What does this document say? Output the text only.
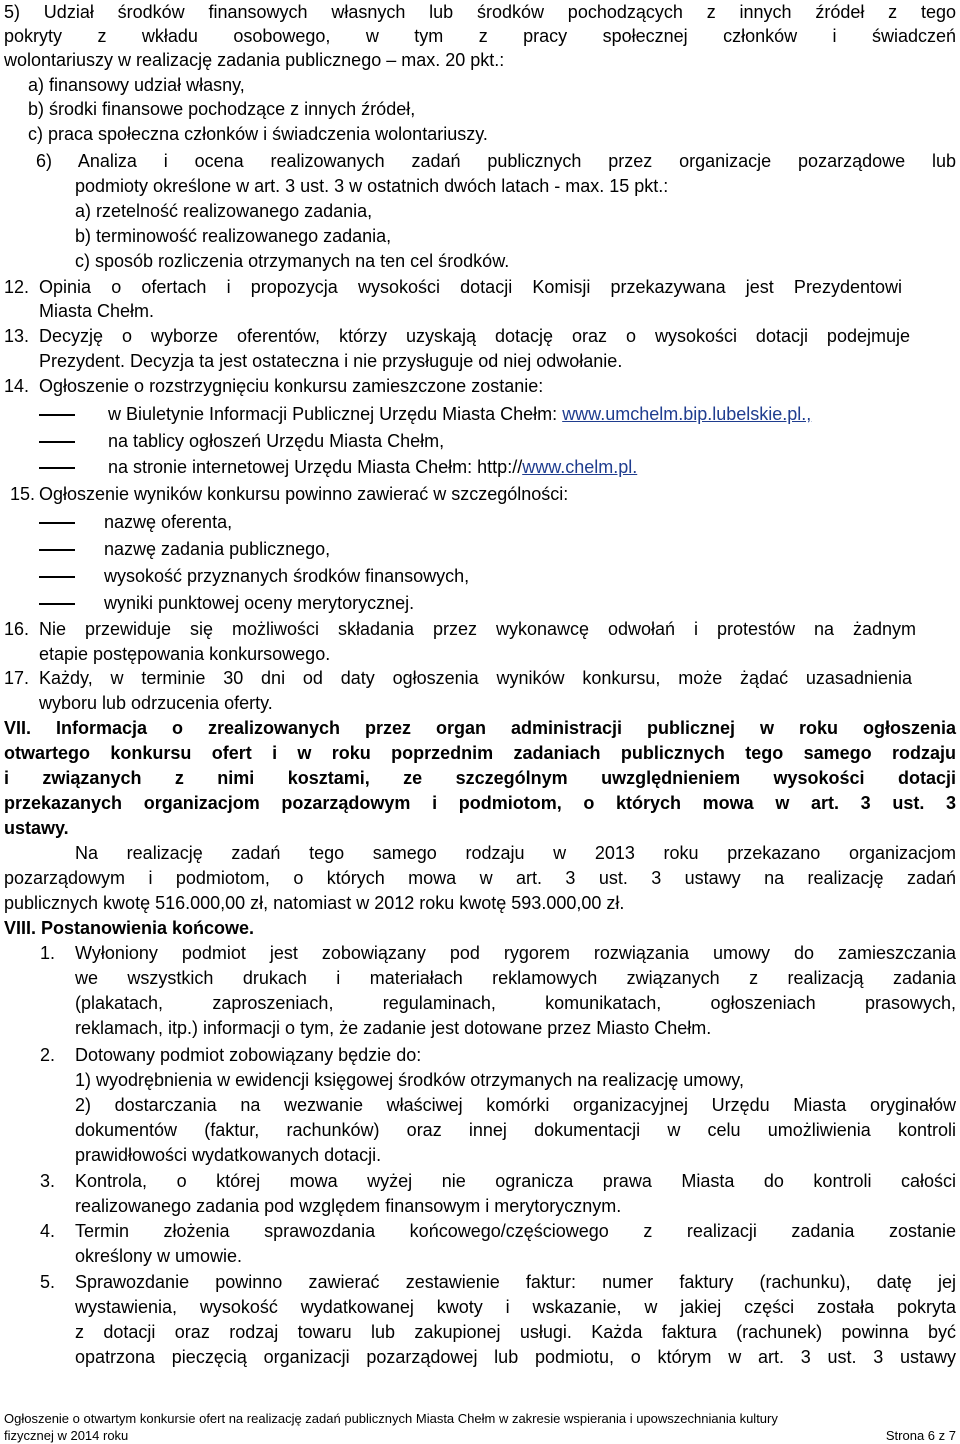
5) Udział środków finansowych własnych lub środków pochodzących z innych źródeł z tego
pokryty z wkładu osobowego, w tym z pracy społecznej członków i świadczeń
wolontariuszy w realizację zadania publicznego – max. 20 pkt.:
a) finansowy udział własny,
b) środki finansowe pochodzące z innych źródeł,
c) praca społeczna członków i świadczenia wolontariuszy.
6) Analiza i ocena realizowanych zadań publicznych przez organizacje pozarządowe lub
podmioty określone w art. 3 ust. 3 w ostatnich dwóch latach - max. 15 pkt.:
a) rzetelność realizowanego zadania,
b) terminowość realizowanego zadania,
c) sposób rozliczenia otrzymanych na ten cel środków.
12. Opinia o ofertach i propozycja wysokości dotacji Komisji przekazywana jest Prezydentowi
Miasta Chełm.
13. Decyzję o wyborze oferentów, którzy uzyskają dotację oraz o wysokości dotacji podejmuje
Prezydent. Decyzja ta jest ostateczna i nie przysługuje od niej odwołanie.
14. Ogłoszenie o rozstrzygnięciu konkursu zamieszczone zostanie:
w Biuletynie Informacji Publicznej Urzędu Miasta Chełm: www.umchelm.bip.lubelskie.pl.,
na tablicy ogłoszeń Urzędu Miasta Chełm,
na stronie internetowej Urzędu Miasta Chełm: http://www.chelm.pl.
15. Ogłoszenie wyników konkursu powinno zawierać w szczególności:
nazwę oferenta,
nazwę zadania publicznego,
wysokość przyznanych środków finansowych,
wyniki punktowej oceny merytorycznej.
16. Nie przewiduje się możliwości składania przez wykonawcę odwołań i protestów na żadnym
etapie postępowania konkursowego.
17. Każdy, w terminie 30 dni od daty ogłoszenia wyników konkursu, może żądać uzasadnienia
wyboru lub odrzucenia oferty.
VII. Informacja o zrealizowanych przez organ administracji publicznej w roku ogłoszenia
otwartego konkursu ofert i w roku poprzednim zadaniach publicznych tego samego rodzaju
i związanych z nimi kosztami, ze szczególnym uwzględnieniem wysokości dotacji
przekazanych organizacjom pozarządowym i podmiotom, o których mowa w art. 3 ust. 3
ustawy.
Na realizację zadań tego samego rodzaju w 2013 roku przekazano organizacjom
pozarządowym i podmiotom, o których mowa w art. 3 ust. 3 ustawy na realizację zadań
publicznych kwotę 516.000,00 zł, natomiast w 2012 roku kwotę 593.000,00 zł.
VIII. Postanowienia końcowe.
1.	Wyłoniony podmiot jest zobowiązany pod rygorem rozwiązania umowy do zamieszczania
we wszystkich drukach i materiałach reklamowych związanych z realizacją zadania
(plakatach, zaproszeniach, regulaminach, komunikatach, ogłoszeniach prasowych,
reklamach, itp.) informacji o tym, że zadanie jest dotowane przez Miasto Chełm.
2.	Dotowany podmiot zobowiązany będzie do:
1) wyodrębnienia w ewidencji księgowej środków otrzymanych na realizację umowy,
2) dostarczania na wezwanie właściwej komórki organizacyjnej Urzędu Miasta oryginałów
dokumentów (faktur, rachunków) oraz innej dokumentacji w celu umożliwienia kontroli
prawidłowości wydatkowanych dotacji.
3.	Kontrola, o której mowa wyżej nie ogranicza prawa Miasta do kontroli całości
realizowanego zadania pod względem finansowym i merytorycznym.
4.	Termin złożenia sprawozdania końcowego/częściowego z realizacji zadania zostanie
określony w umowie.
5.	Sprawozdanie powinno zawierać zestawienie faktur: numer faktury (rachunku), datę jej
wystawienia, wysokość wydatkowanej kwoty i wskazanie, w jakiej części została pokryta
z dotacji oraz rodzaj towaru lub zakupionej usługi. Każda faktura (rachunek) powinna być
opatrzona pieczęcią organizacji pozarządowej lub podmiotu, o którym w art. 3 ust. 3 ustawy
Ogłoszenie o otwartym konkursie ofert na realizację zadań publicznych Miasta Chełm w zakresie wspierania i upowszechniania kultury
fizycznej w 2014 roku	Strona 6 z 7
